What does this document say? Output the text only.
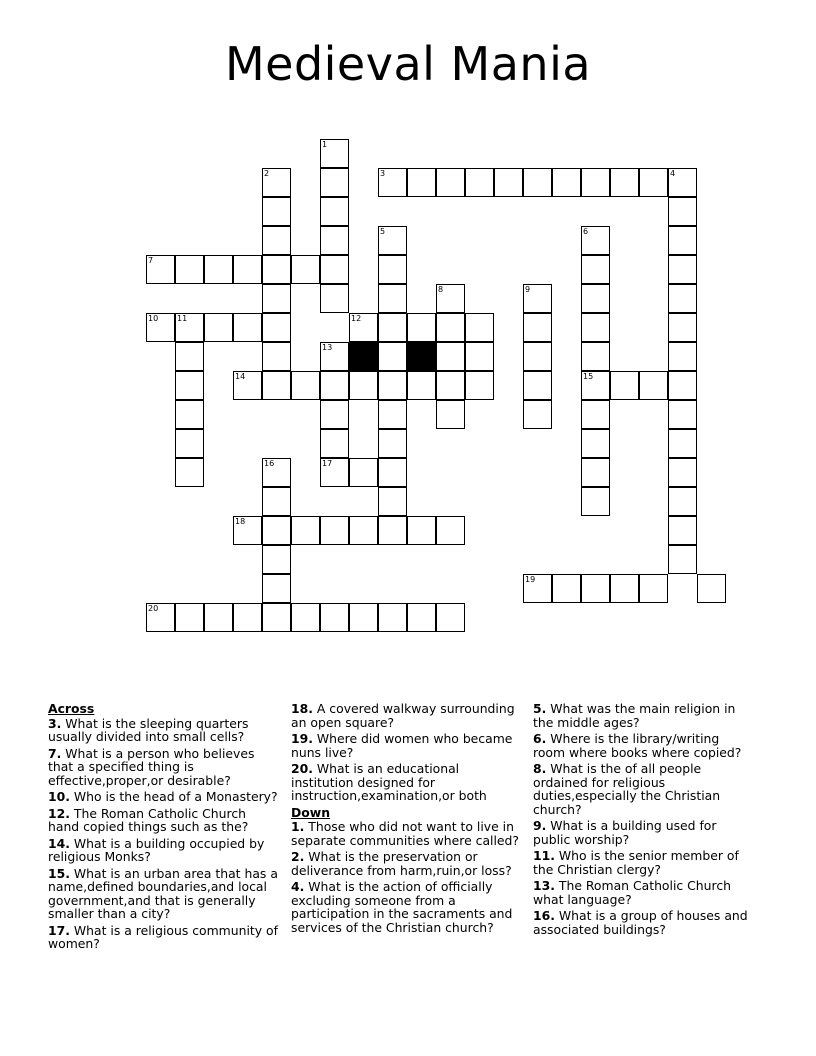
Medieval Mania
1
2	3	4
5	6
15
7
8	9
10 11	12
13
14
16	17
18
19
20
Across
3. What is the sleeping quarters usually divided into small cells?
7. What is a person who believes that a specified thing is effective,proper,or desirable?
10. Who is the head of a Monastery?
12. The Roman Catholic Church hand copied things such as the?
14. What is a building occupied by religious Monks?
15. What is an urban area that has a name,defined boundaries,and local government,and that is generally smaller than a city?
17. What is a religious community of women?
18. A covered walkway surrounding an open square?
19. Where did women who became nuns live?
20. What is an educational institution designed for instruction,examination,or both
Down
1. Those who did not want to live in separate communities where called?
2. What is the preservation or deliverance from harm,ruin,or loss?
4. What is the action of officially excluding someone from a participation in the sacraments and services of the Christian church?
5. What was the main religion in the middle ages?
6. Where is the library/writing room where books where copied?
8. What is the of all people ordained for religious duties,especially the Christian church?
9. What is a building used for public worship?
11. Who is the senior member of the Christian clergy?
13. The Roman Catholic Church what language?
16. What is a group of houses and associated buildings?
